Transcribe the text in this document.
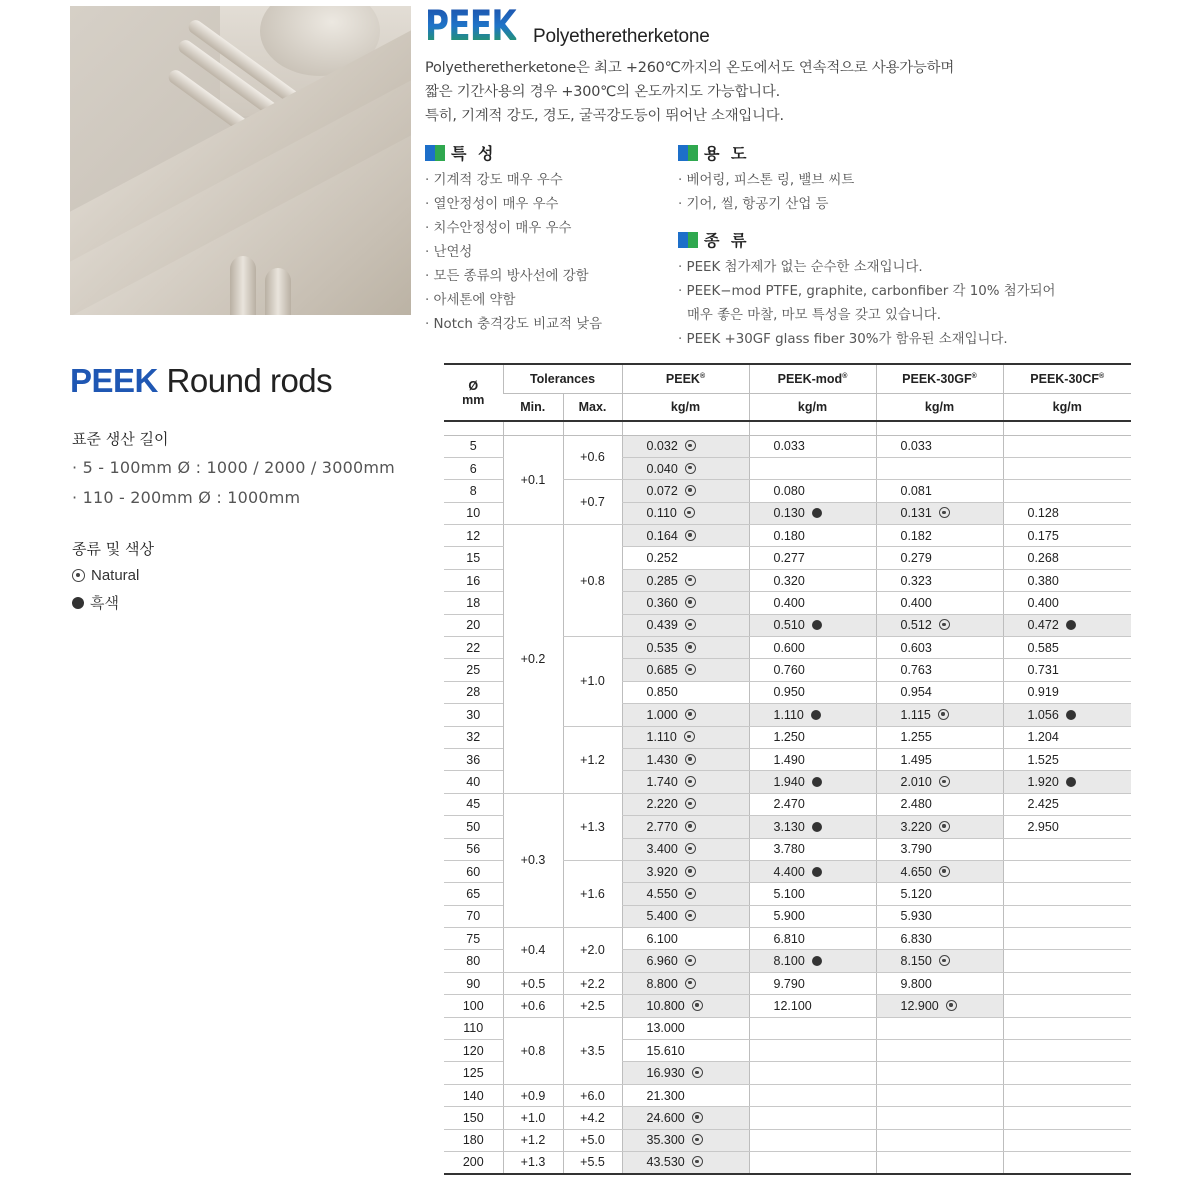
PEEK Polyetheretherketone
Polyetheretherketone은 최고 +260℃까지의 온도에서도 연속적으로 사용가능하며
짧은 기간사용의 경우 +300℃의 온도까지도 가능합니다.
특히, 기계적 강도, 경도, 굴곡강도등이 뛰어난 소재입니다.
특 성
· 기계적 강도 매우 우수
· 열안정성이 매우 우수
· 치수안정성이 매우 우수
· 난연성
· 모든 종류의 방사선에 강함
· 아세톤에 약함
· Notch 충격강도 비교적 낮음
용 도
· 베어링, 피스톤 링, 밸브 씨트
· 기어, 씰, 항공기 산업 등
종 류
· PEEK 첨가제가 없는 순수한 소재입니다.
· PEEK−mod PTFE, graphite, carbonfiber 각 10% 첨가되어
매우 좋은 마찰, 마모 특성을 갖고 있습니다.
· PEEK +30GF glass fiber 30%가 함유된 소재입니다.
PEEK Round rods
표준 생산 길이
· 5 - 100mm Ø : 1000 / 2000 / 3000mm
· 110 - 200mm Ø : 1000mm
종류 및 색상
Natural
흑색
Ø
mm	Tolerances		PEEK®	PEEK-mod®	PEEK-30GF®	PEEK-30CF®
	Min.	Max.	kg/m	kg/m	kg/m	kg/m

5	+0.1	+0.6	0.032	0.033	0.033	
6			0.040			
8		+0.7	0.072	0.080	0.081	
10			0.110	0.130	0.131	0.128
12	+0.2	+0.8	0.164	0.180	0.182	0.175
15			0.252	0.277	0.279	0.268
16			0.285	0.320	0.323	0.380
18			0.360	0.400	0.400	0.400
20			0.439	0.510	0.512	0.472
22		+1.0	0.535	0.600	0.603	0.585
25			0.685	0.760	0.763	0.731
28			0.850	0.950	0.954	0.919
30			1.000	1.110	1.115	1.056
32		+1.2	1.110	1.250	1.255	1.204
36			1.430	1.490	1.495	1.525
40			1.740	1.940	2.010	1.920
45	+0.3	+1.3	2.220	2.470	2.480	2.425
50			2.770	3.130	3.220	2.950
56			3.400	3.780	3.790	
60		+1.6	3.920	4.400	4.650	
65			4.550	5.100	5.120	
70			5.400	5.900	5.930	
75	+0.4	+2.0	6.100	6.810	6.830	
80			6.960	8.100	8.150	
90	+0.5	+2.2	8.800	9.790	9.800	
100	+0.6	+2.5	10.800	12.100	12.900	
110	+0.8	+3.5	13.000			
120			15.610			
125			16.930			
140	+0.9	+6.0	21.300			
150	+1.0	+4.2	24.600			
180	+1.2	+5.0	35.300			
200	+1.3	+5.5	43.530			
